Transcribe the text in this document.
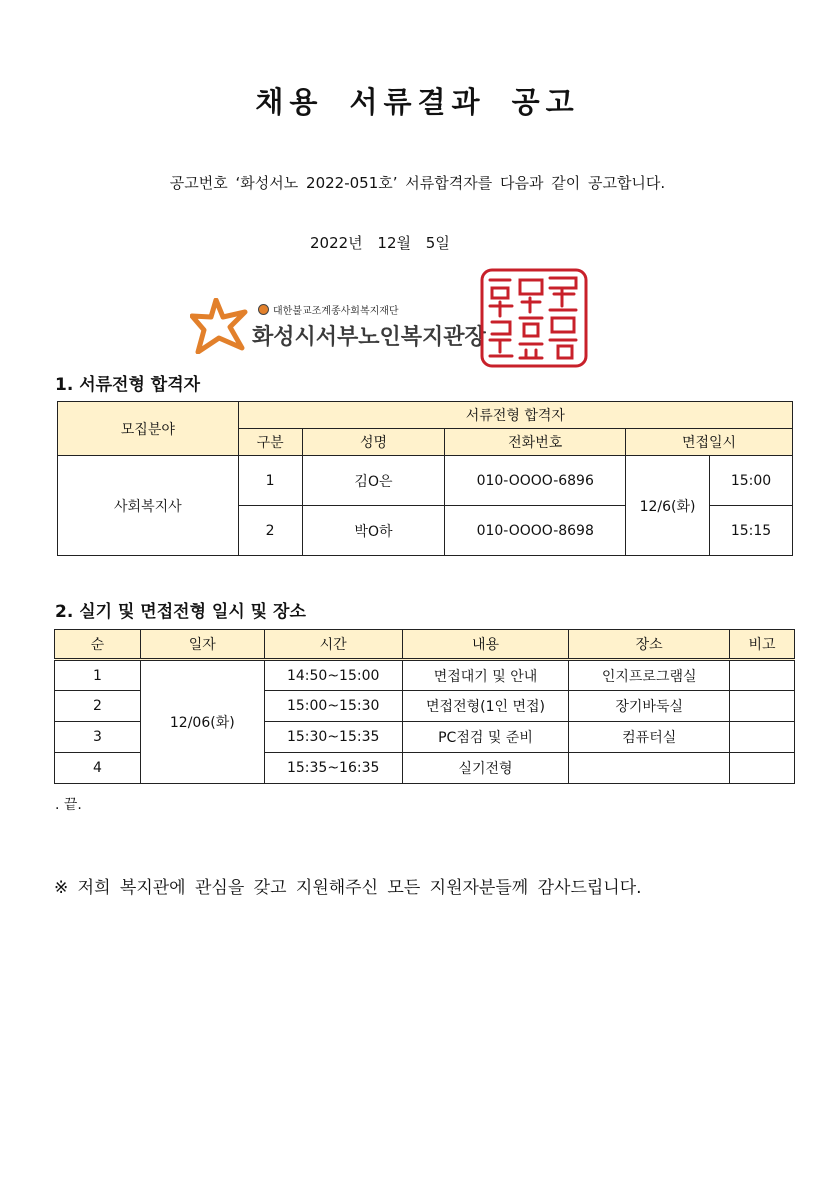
채용 서류결과 공고
공고번호 ‘화성서노 2022-051호’ 서류합격자를 다음과 같이 공고합니다.
2022년 12월 5일
대한불교조계종사회복지재단
화성시서부노인복지관장
1. 서류전형 합격자
모집분야	서류전형 합격자				
	구분	성명	전화번호	면접일시	
사회복지사	1	김O은	010-OOOO-6896	12/6(화)	15:00
	2	박O하	010-OOOO-8698		15:15
2. 실기 및 면접전형 일시 및 장소
순	일자	시간	내용	장소	비고
1	12/06(화)	14:50~15:00	면접대기 및 안내	인지프로그램실	
2		15:00~15:30	면접전형(1인 면접)	장기바둑실	
3		15:30~15:35	PC점검 및 준비	컴퓨터실	
4		15:35~16:35	실기전형		
. 끝.
※ 저희 복지관에 관심을 갖고 지원해주신 모든 지원자분들께 감사드립니다.
